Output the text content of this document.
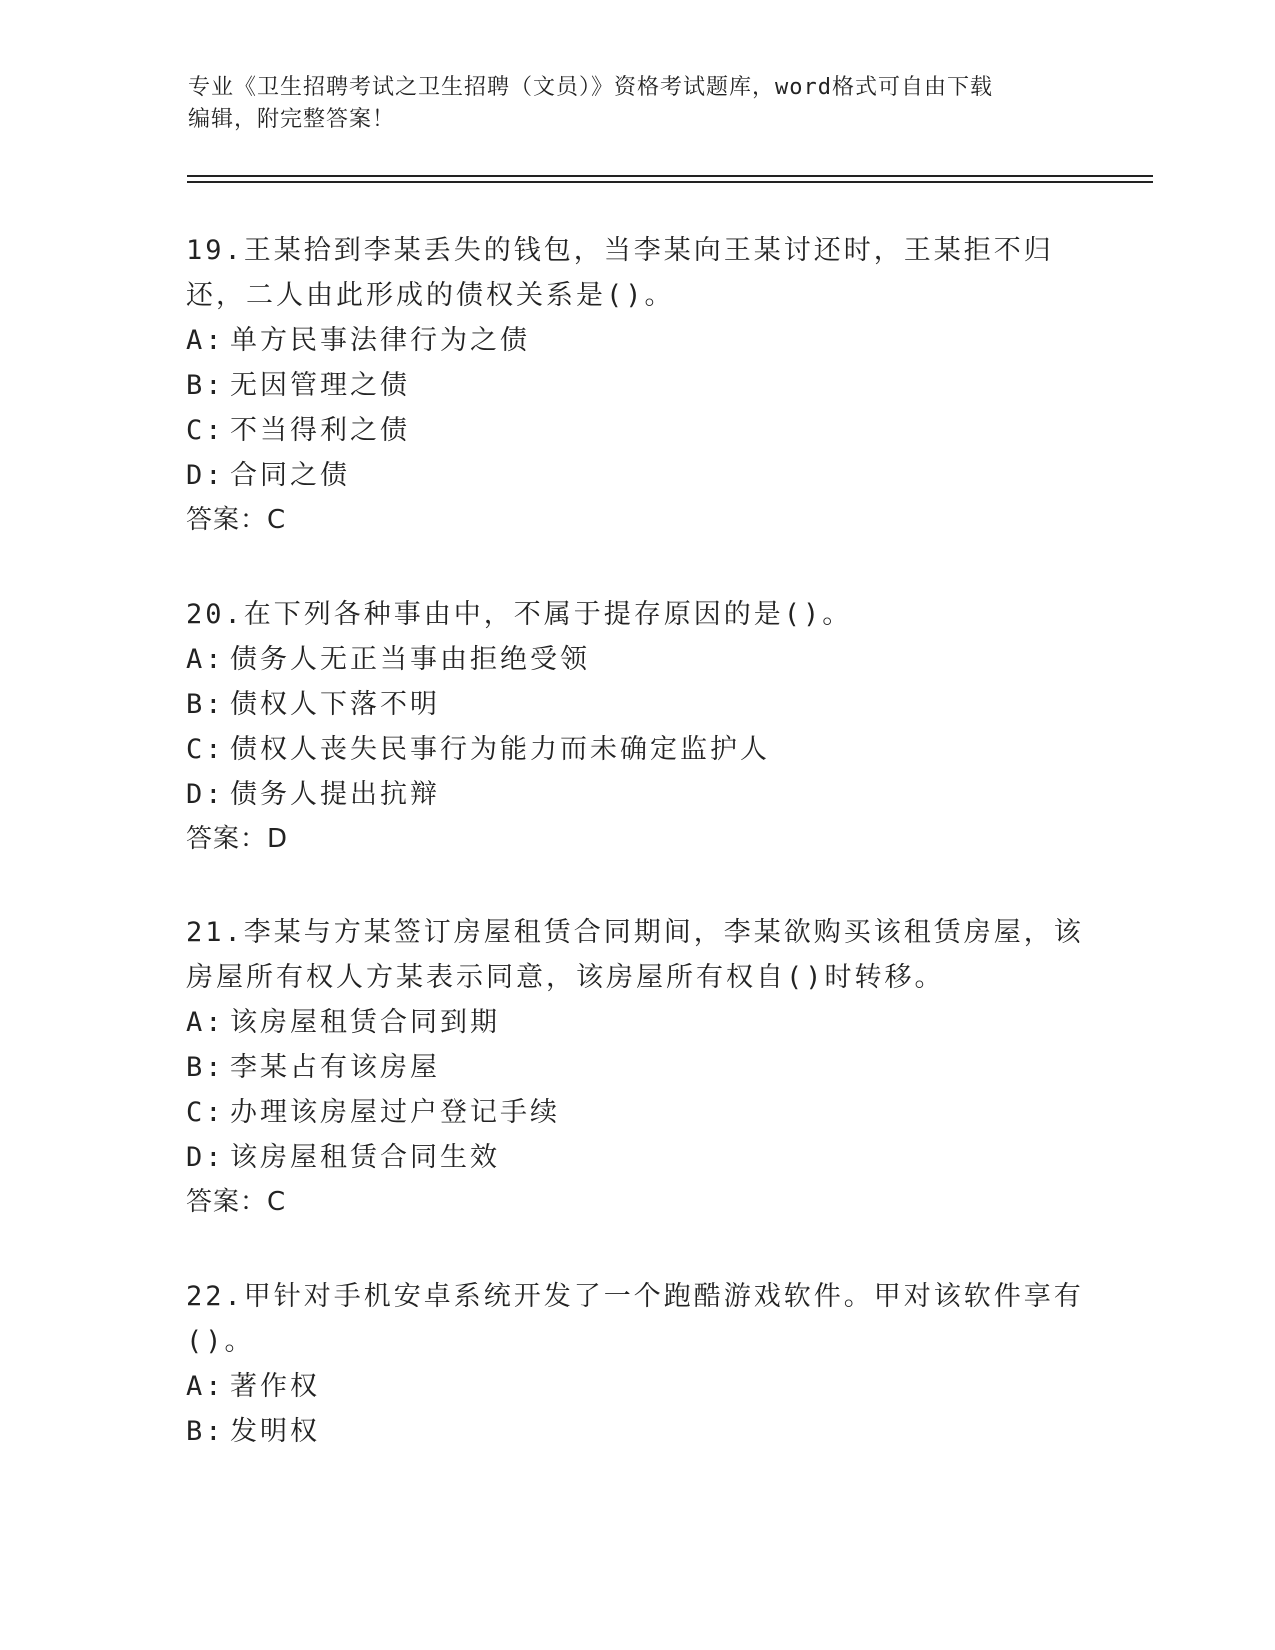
专业《卫生招聘考试之卫生招聘（文员）》资格考试题库，word格式可自由下载
编辑，附完整答案！
19.王某拾到李某丢失的钱包，当李某向王某讨还时，王某拒不归还，二人由此形成的债权关系是()。
A: 单方民事法律行为之债
B: 无因管理之债
C: 不当得利之债
D: 合同之债
答案：C
20.在下列各种事由中，不属于提存原因的是()。
A: 债务人无正当事由拒绝受领
B: 债权人下落不明
C: 债权人丧失民事行为能力而未确定监护人
D: 债务人提出抗辩
答案：D
21.李某与方某签订房屋租赁合同期间，李某欲购买该租赁房屋，该房屋所有权人方某表示同意，该房屋所有权自()时转移。
A: 该房屋租赁合同到期
B: 李某占有该房屋
C: 办理该房屋过户登记手续
D: 该房屋租赁合同生效
答案：C
22.甲针对手机安卓系统开发了一个跑酷游戏软件。甲对该软件享有()。
A: 著作权
B: 发明权
